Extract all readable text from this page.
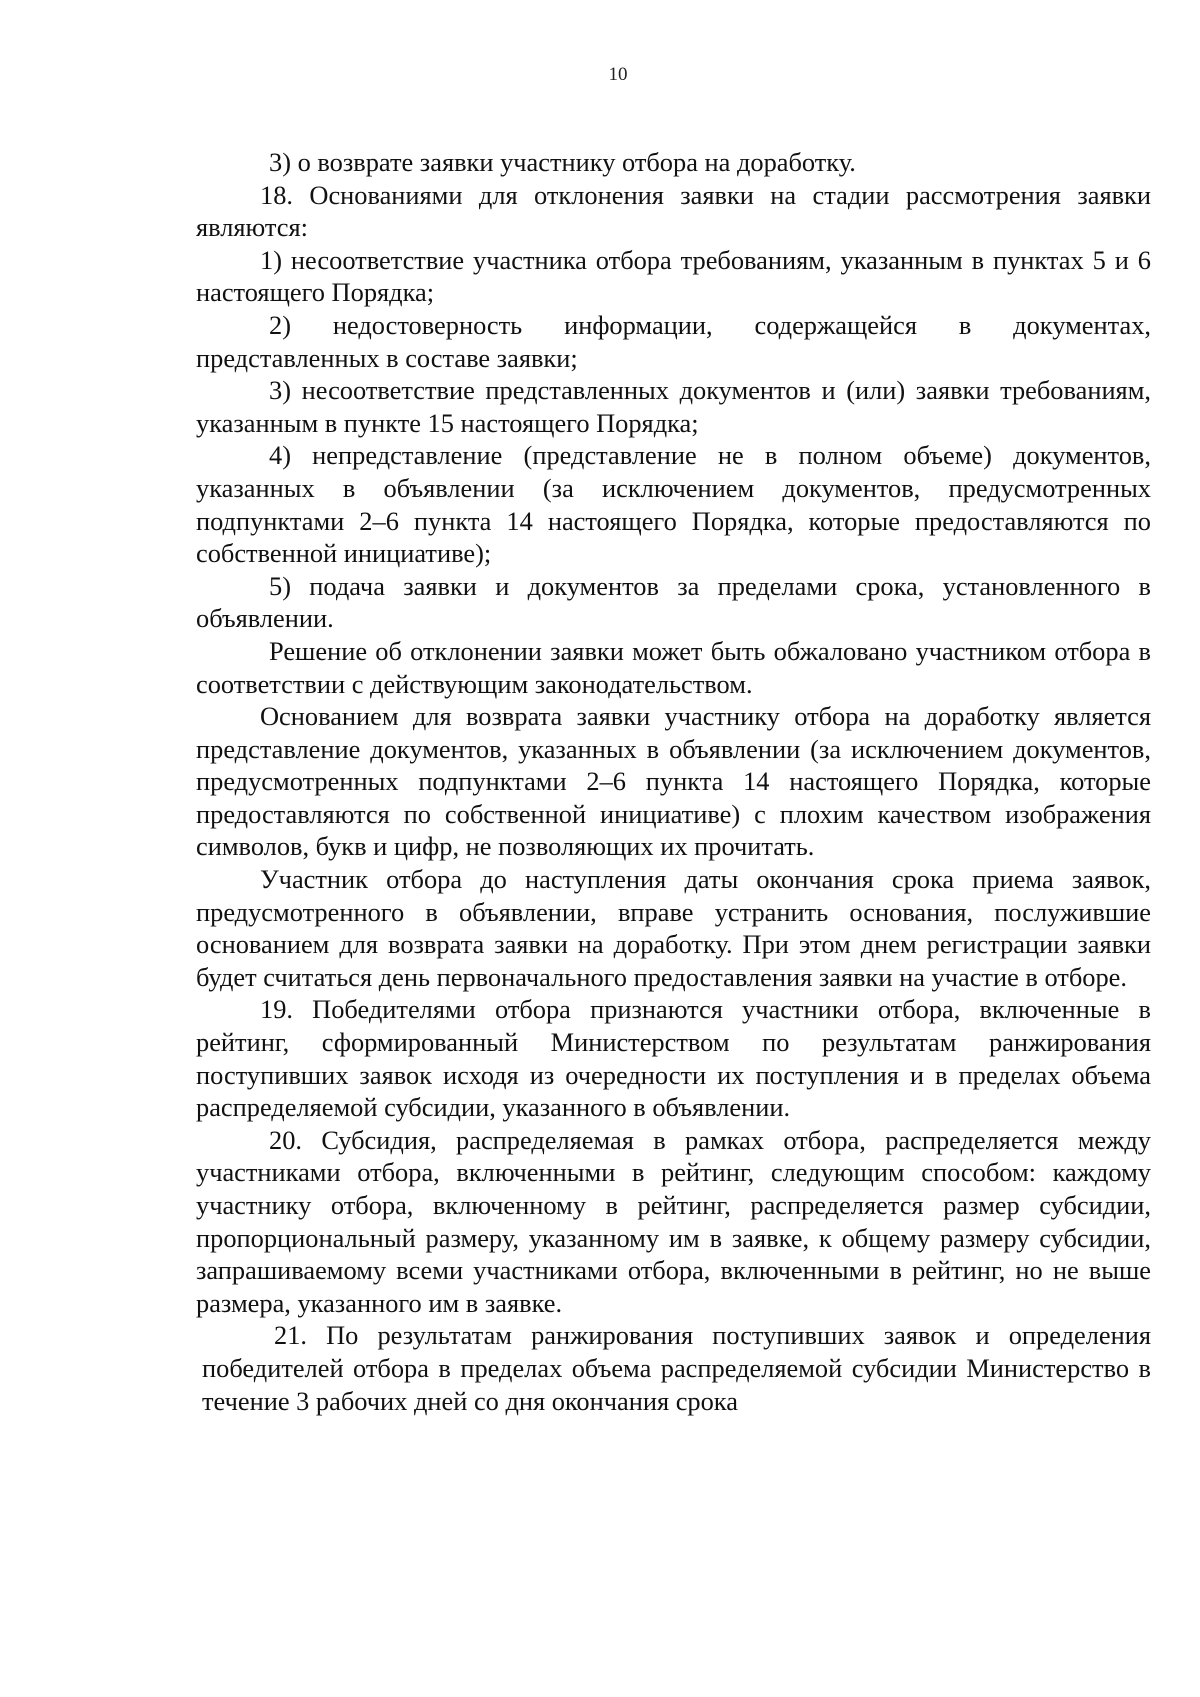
10

3) о возврате заявки участнику отбора на доработку.

18. Основаниями для отклонения заявки на стадии рассмотрения заявки являются:

1) несоответствие участника отбора требованиям, указанным в пунктах 5 и 6 настоящего Порядка;

2) недостоверность информации, содержащейся в документах, представленных в составе заявки;

3) несоответствие представленных документов и (или) заявки требованиям, указанным в пункте 15 настоящего Порядка;

4) непредставление (представление не в полном объеме) документов, указанных в объявлении (за исключением документов, предусмотренных подпунктами 2–6 пункта 14 настоящего Порядка, которые предоставляются по собственной инициативе);

5) подача заявки и документов за пределами срока, установленного в объявлении.

Решение об отклонении заявки может быть обжаловано участником отбора в соответствии с действующим законодательством.

Основанием для возврата заявки участнику отбора на доработку является представление документов, указанных в объявлении (за исключением документов, предусмотренных подпунктами 2–6 пункта 14 настоящего Порядка, которые предоставляются по собственной инициативе) с плохим качеством изображения символов, букв и цифр, не позволяющих их прочитать.

Участник отбора до наступления даты окончания срока приема заявок, предусмотренного в объявлении, вправе устранить основания, послужившие основанием для возврата заявки на доработку. При этом днем регистрации заявки будет считаться день первоначального предоставления заявки на участие в отборе.

19. Победителями отбора признаются участники отбора, включенные в рейтинг, сформированный Министерством по результатам ранжирования поступивших заявок исходя из очередности их поступления и в пределах объема распределяемой субсидии, указанного в объявлении.

20. Субсидия, распределяемая в рамках отбора, распределяется между участниками отбора, включенными в рейтинг, следующим способом: каждому участнику отбора, включенному в рейтинг, распределяется размер субсидии, пропорциональный размеру, указанному им в заявке, к общему размеру субсидии, запрашиваемому всеми участниками отбора, включенными в рейтинг, но не выше размера, указанного им в заявке.

21. По результатам ранжирования поступивших заявок и определения победителей отбора в пределах объема распределяемой субсидии Министерство в течение 3 рабочих дней со дня окончания срока
